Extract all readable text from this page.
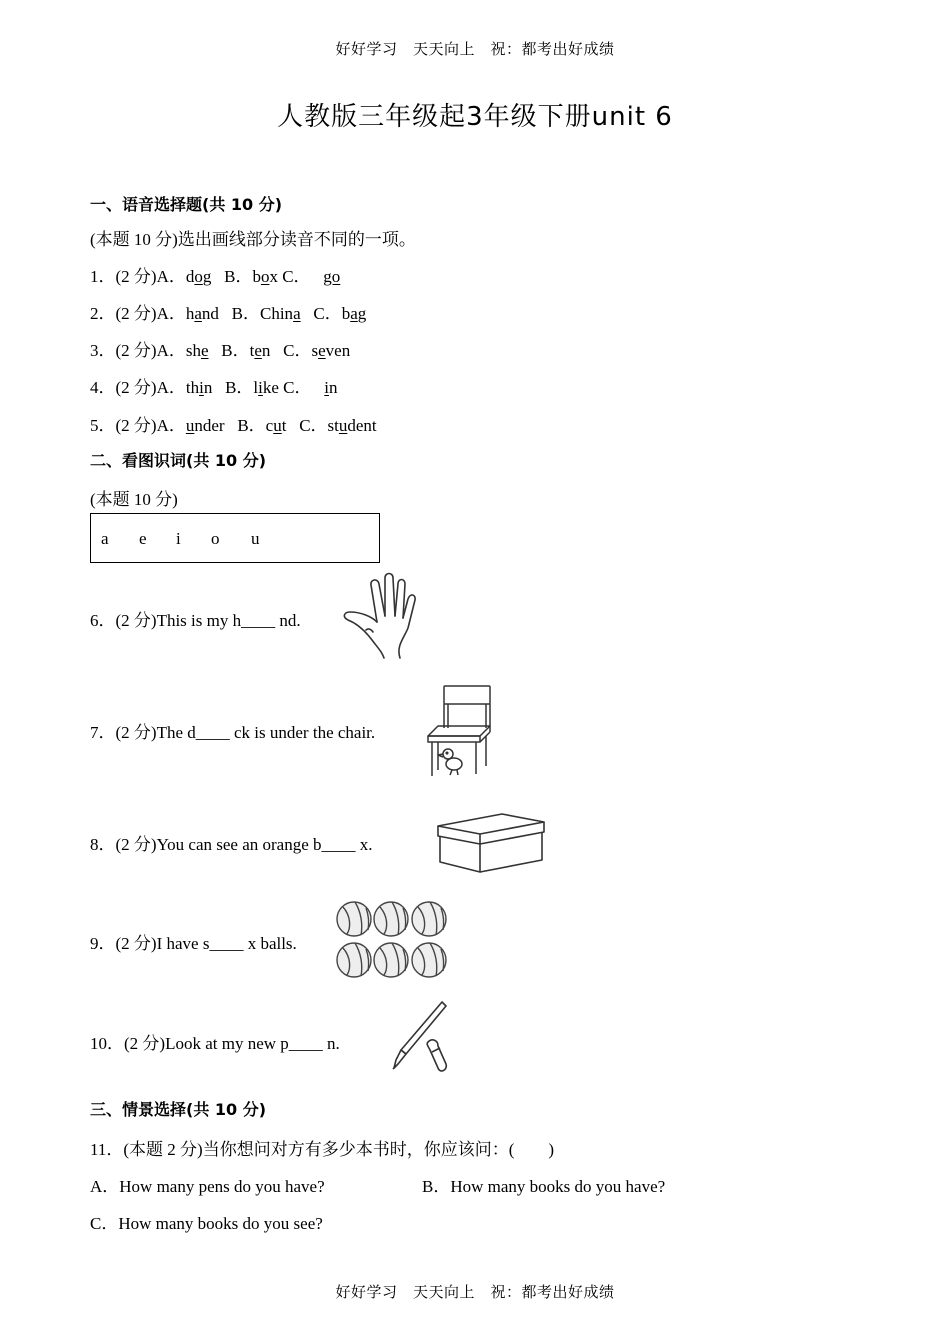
好好学习　天天向上　祝：都考出好成绩
人教版三年级起3年级下册unit 6
一、语音选择题(共 10 分)
(本题 10 分)选出画线部分读音不同的一项。
1．(2 分)A．dog B．box C． go
2．(2 分)A．hand B．China C．bag
3．(2 分)A．she B．ten C．seven
4．(2 分)A．thin B．like C． in
5．(2 分)A．under B．cut C．student
二、看图识词(共 10 分)
(本题 10 分)
a e i o u
6．(2 分)This is my h____ nd.
7．(2 分)The d____ ck is under the chair.
8．(2 分)You can see an orange b____ x.
9．(2 分)I have s____ x balls.
10．(2 分)Look at my new p____ n.
三、情景选择(共 10 分)
11．(本题 2 分)当你想问对方有多少本书时，你应该问：(　　)
A．How many pens do you have?	B．How many books do you have?
C．How many books do you see?
好好学习　天天向上　祝：都考出好成绩
